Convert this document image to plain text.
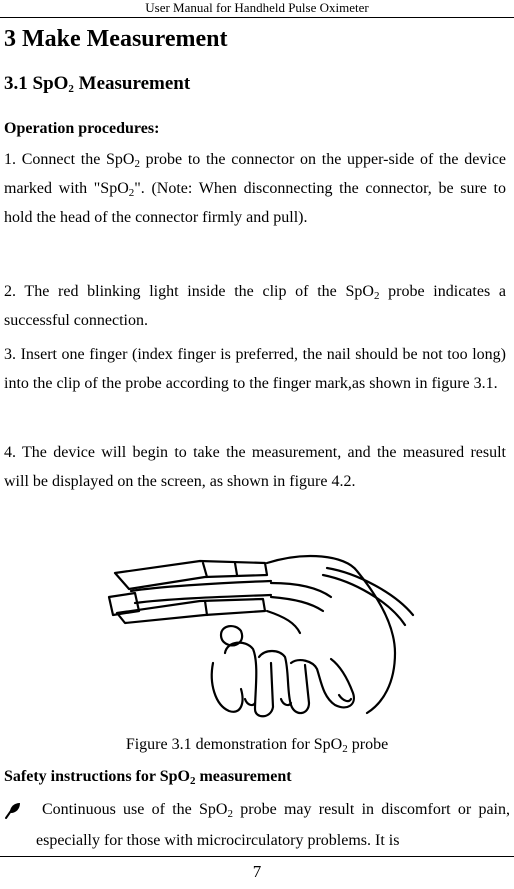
User Manual for Handheld Pulse Oximeter
3 Make Measurement
3.1 SpO$_2$ Measurement
Operation procedures:
1. Connect the SpO$_2$ probe to the connector on the upper-side of the device marked with "SpO$_2$". (Note: When disconnecting the connector, be sure to hold the head of the connector firmly and pull).
2. The red blinking light inside the clip of the SpO$_2$ probe indicates a successful connection.
3. Insert one finger (index finger is preferred, the nail should be not too long) into the clip of the probe according to the finger mark,as shown in figure 3.1.
4. The device will begin to take the measurement, and the measured result will be displayed on the screen, as shown in figure 4.2.
Figure 3.1 demonstration for SpO$_2$ probe
Safety instructions for SpO$_2$ measurement
Continuous use of the SpO$_2$ probe may result in discomfort or pain, especially for those with microcirculatory problems. It is
7
